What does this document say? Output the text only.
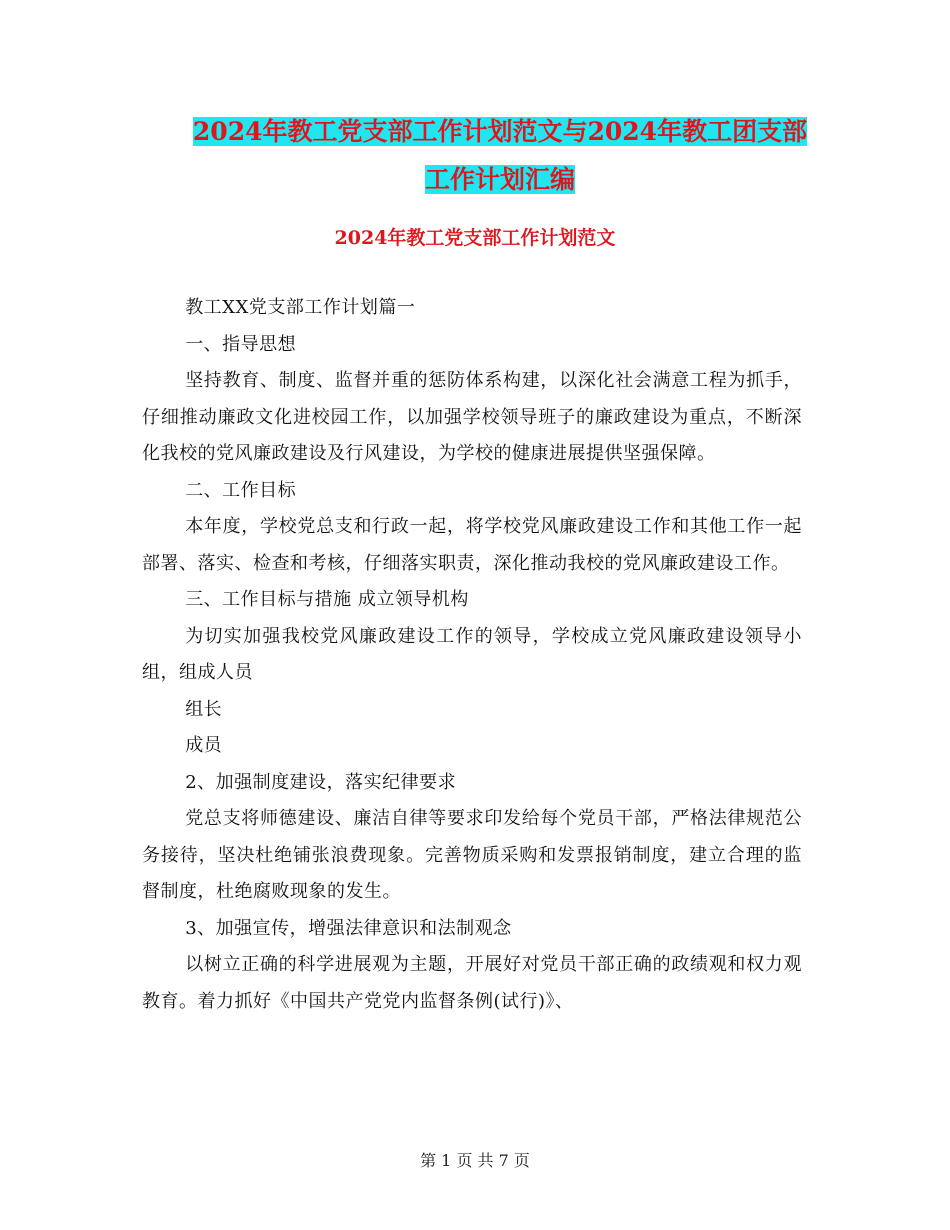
2024年教工党支部工作计划范文与2024年教工团支部
工作计划汇编
2024年教工党支部工作计划范文

教工XX党支部工作计划篇一

一、指导思想

坚持教育、制度、监督并重的惩防体系构建，以深化社会满意工程为抓手，仔细推动廉政文化进校园工作，以加强学校领导班子的廉政建设为重点，不断深化我校的党风廉政建设及行风建设，为学校的健康进展提供坚强保障。

二、工作目标

本年度，学校党总支和行政一起，将学校党风廉政建设工作和其他工作一起部署、落实、检查和考核，仔细落实职责，深化推动我校的党风廉政建设工作。

三、工作目标与措施 成立领导机构

为切实加强我校党风廉政建设工作的领导，学校成立党风廉政建设领导小组，组成人员

组长

成员

2、加强制度建设，落实纪律要求

党总支将师德建设、廉洁自律等要求印发给每个党员干部，严格法律规范公务接待，坚决杜绝铺张浪费现象。完善物质采购和发票报销制度，建立合理的监督制度，杜绝腐败现象的发生。

3、加强宣传，增强法律意识和法制观念

以树立正确的科学进展观为主题，开展好对党员干部正确的政绩观和权力观教育。着力抓好《中国共产党党内监督条例(试行)》、

第 1 页 共 7 页
